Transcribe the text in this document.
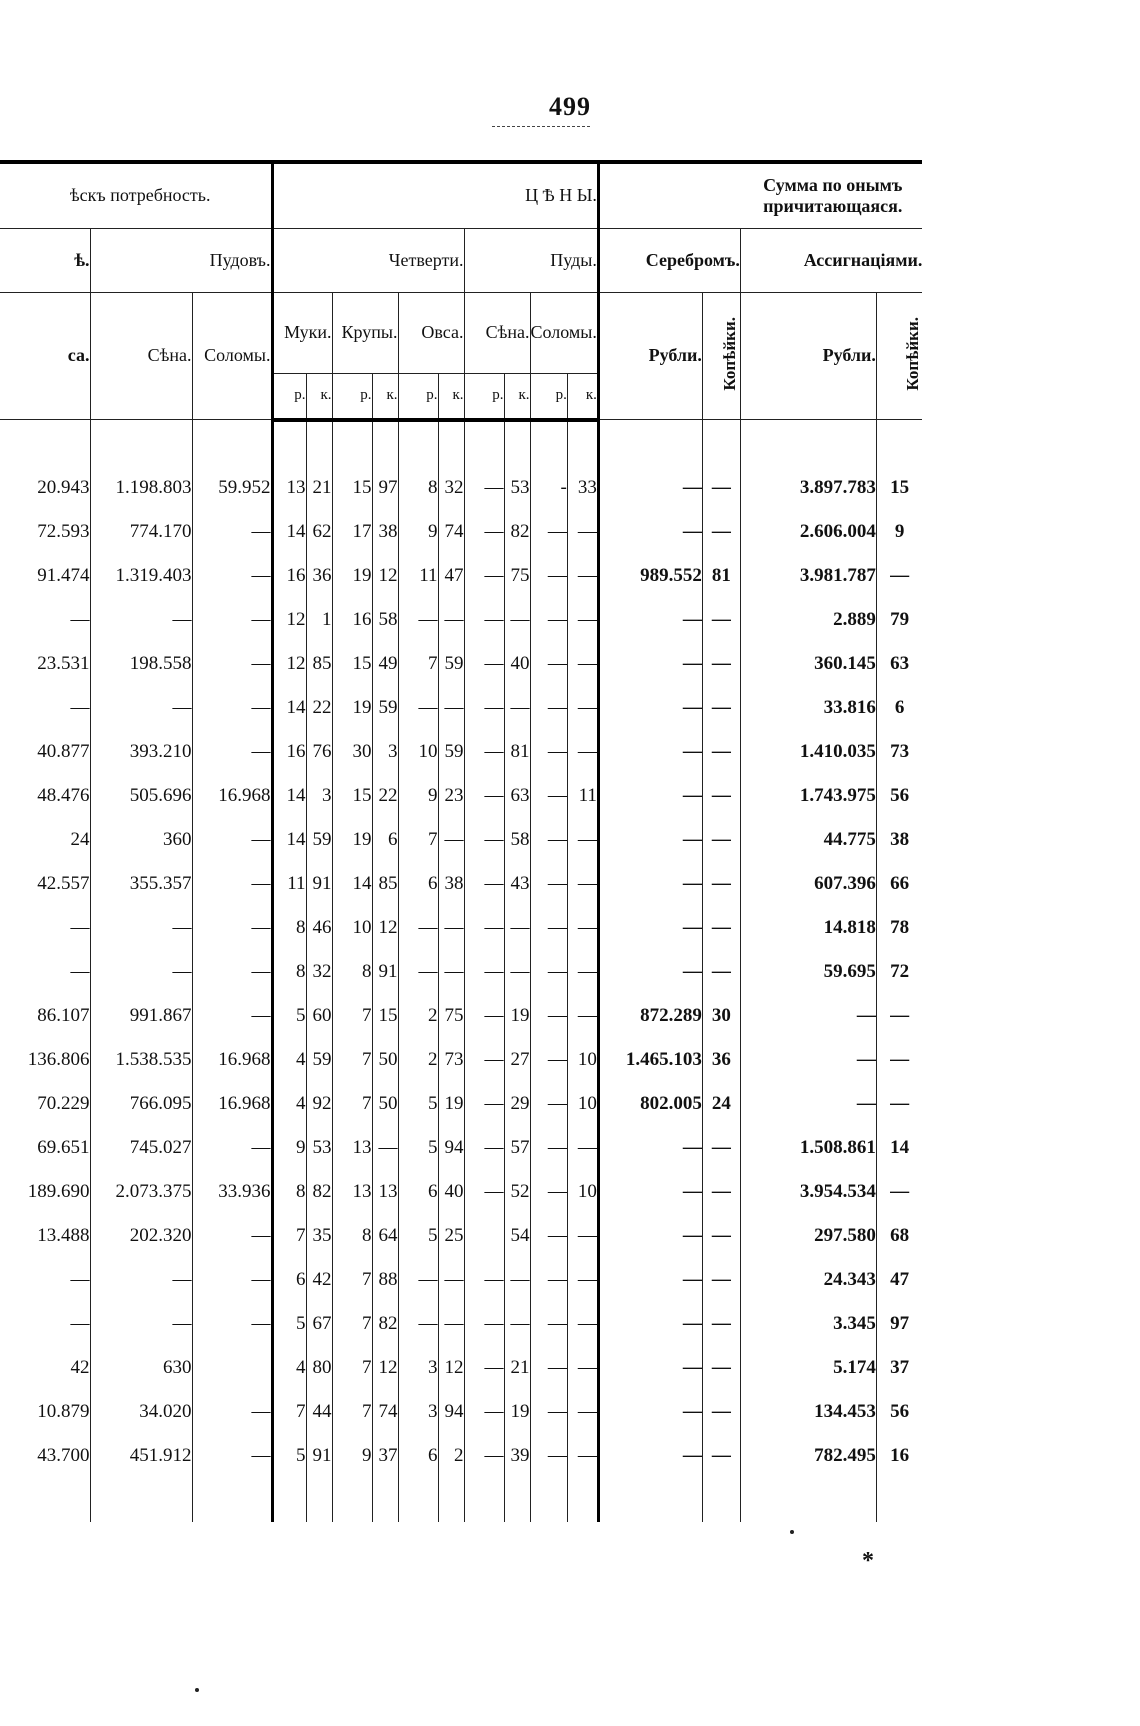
499
ѣскъ потребность.			Ц Ѣ Н Ы.										Сумма по онымъ причитающаяся.			
ѣ.	Пудовъ.		Четверти.						Пуды.				Серебромъ.		Ассигнаціями.	
са.	Сѣна.	Соломы.	Муки.		Крупы.		Овса.		Сѣна.		Соломы.		Рубли.	Копѣйки.	Рубли.	Копѣйки.
			р.	к.	р.	к.	р.	к.	р.	к.	р.	к.				

20.943	1.198.803	59.952	13	21	15	97	8	32	—	53	-	33	—	—	3.897.783	15
72.593	774.170	—	14	62	17	38	9	74	—	82	—	—	—	—	2.606.004	9
91.474	1.319.403	—	16	36	19	12	11	47	—	75	—	—	989.552	81	3.981.787	—
—	—	—	12	1	16	58	—	—	—	—	—	—	—	—	2.889	79
23.531	198.558	—	12	85	15	49	7	59	—	40	—	—	—	—	360.145	63
—	—	—	14	22	19	59	—	—	—	—	—	—	—	—	33.816	6
40.877	393.210	—	16	76	30	3	10	59	—	81	—	—	—	—	1.410.035	73
48.476	505.696	16.968	14	3	15	22	9	23	—	63	—	11	—	—	1.743.975	56
24	360	—	14	59	19	6	7	—	—	58	—	—	—	—	44.775	38
42.557	355.357	—	11	91	14	85	6	38	—	43	—	—	—	—	607.396	66
—	—	—	8	46	10	12	—	—	—	—	—	—	—	—	14.818	78
—	—	—	8	32	8	91	—	—	—	—	—	—	—	—	59.695	72
86.107	991.867	—	5	60	7	15	2	75	—	19	—	—	872.289	30	—	—
136.806	1.538.535	16.968	4	59	7	50	2	73	—	27	—	10	1.465.103	36	—	—
70.229	766.095	16.968	4	92	7	50	5	19	—	29	—	10	802.005	24	—	—
69.651	745.027	—	9	53	13	—	5	94	—	57	—	—	—	—	1.508.861	14
189.690	2.073.375	33.936	8	82	13	13	6	40	—	52	—	10	—	—	3.954.534	—
13.488	202.320	—	7	35	8	64	5	25		54	—	—	—	—	297.580	68
—	—	—	6	42	7	88	—	—	—	—	—	—	—	—	24.343	47
—	—	—	5	67	7	82	—	—	—	—	—	—	—	—	3.345	97
42	630		4	80	7	12	3	12	—	21	—	—	—	—	5.174	37
10.879	34.020	—	7	44	7	74	3	94	—	19	—	—	—	—	134.453	56
43.700	451.912	—	5	91	9	37	6	2	—	39	—	—	—	—	782.495	16

*
